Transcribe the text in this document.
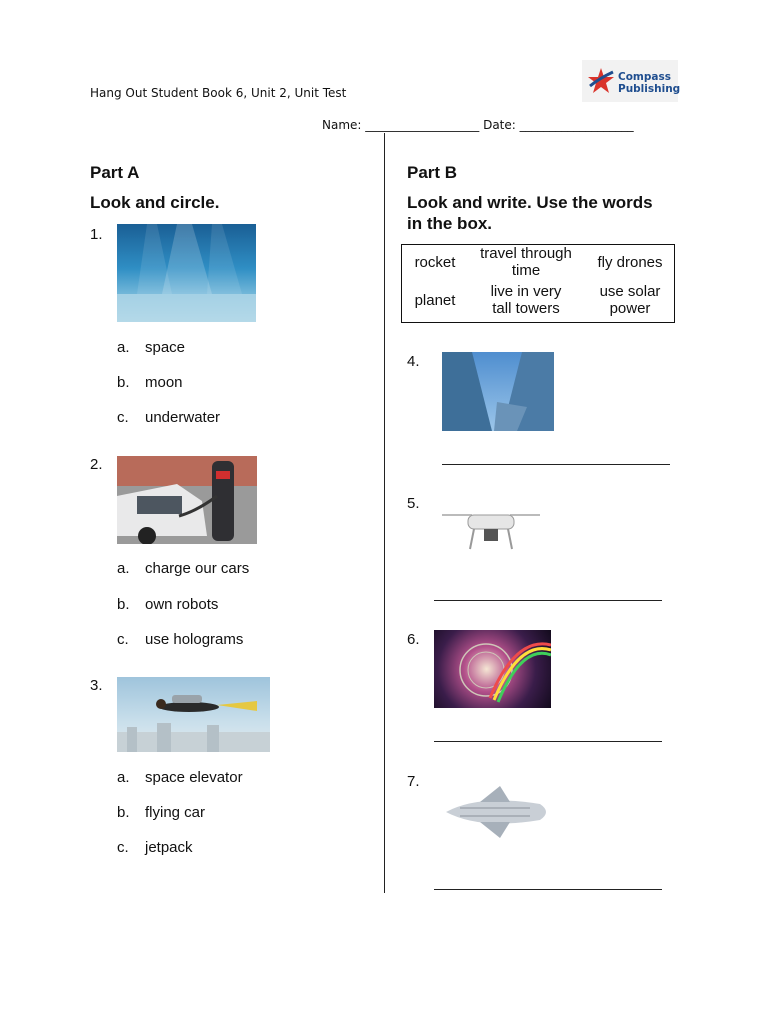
Hang Out Student Book 6, Unit 2, Unit Test
Compass
Publishing
Name: ___________________ Date: ___________________
Part A
Look and circle.
1.
a. space
b. moon
c. underwater
2.
a. charge our cars
b. own robots
c. use holograms
3.
a. space elevator
b. flying car
c. jetpack
Part B
Look and write. Use the words
in the box.
rocket
travel through
time	fly drones
planet
live in very
tall towers
use solar
power
4.
5.
6.
7.
